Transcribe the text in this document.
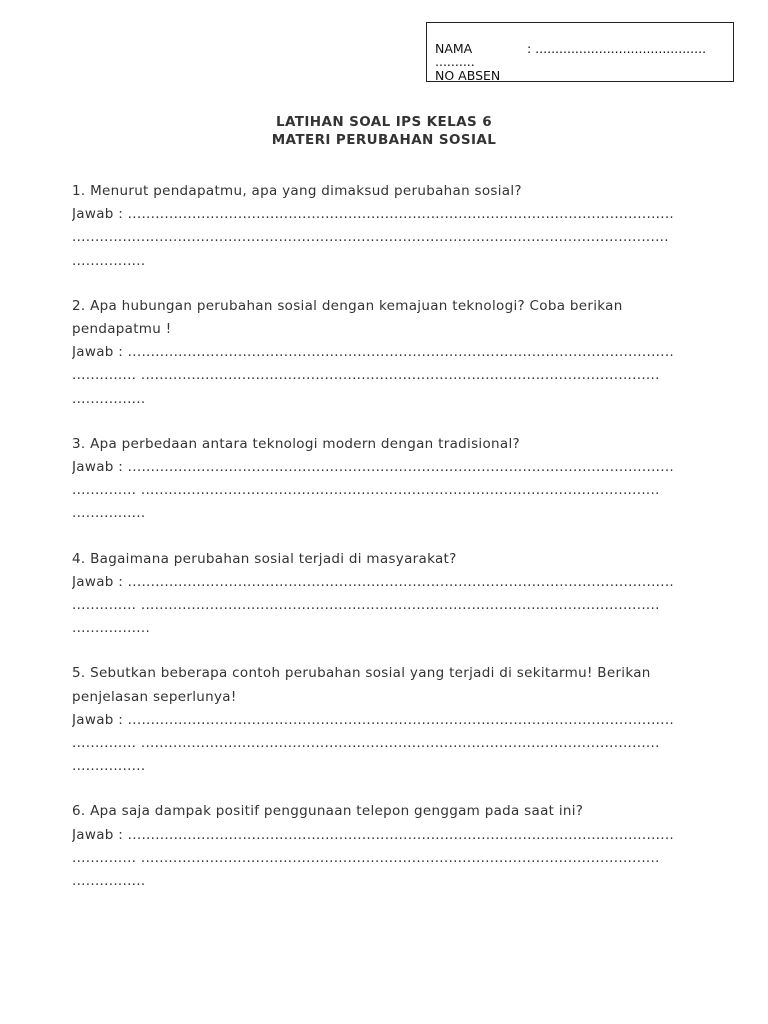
NAMA	: ...........................................
..........
NO ABSEN
LATIHAN SOAL IPS KELAS 6
MATERI PERUBAHAN SOSIAL
1. Menurut pendapatmu, apa yang dimaksud perubahan sosial?
Jawab : .......................................................................................................................
..................................................................................................................................
................
2. Apa hubungan perubahan sosial dengan kemajuan teknologi? Coba berikan pendapatmu !
Jawab : .......................................................................................................................
.............. .................................................................................................................
................
3. Apa perbedaan antara teknologi modern dengan tradisional?
Jawab : .......................................................................................................................
.............. .................................................................................................................
................
4. Bagaimana perubahan sosial terjadi di masyarakat?
Jawab : .......................................................................................................................
.............. .................................................................................................................
.................
5. Sebutkan beberapa contoh perubahan sosial yang terjadi di sekitarmu! Berikan penjelasan seperlunya!
Jawab : .......................................................................................................................
.............. .................................................................................................................
................
6. Apa saja dampak positif penggunaan telepon genggam pada saat ini?
Jawab : .......................................................................................................................
.............. .................................................................................................................
................
